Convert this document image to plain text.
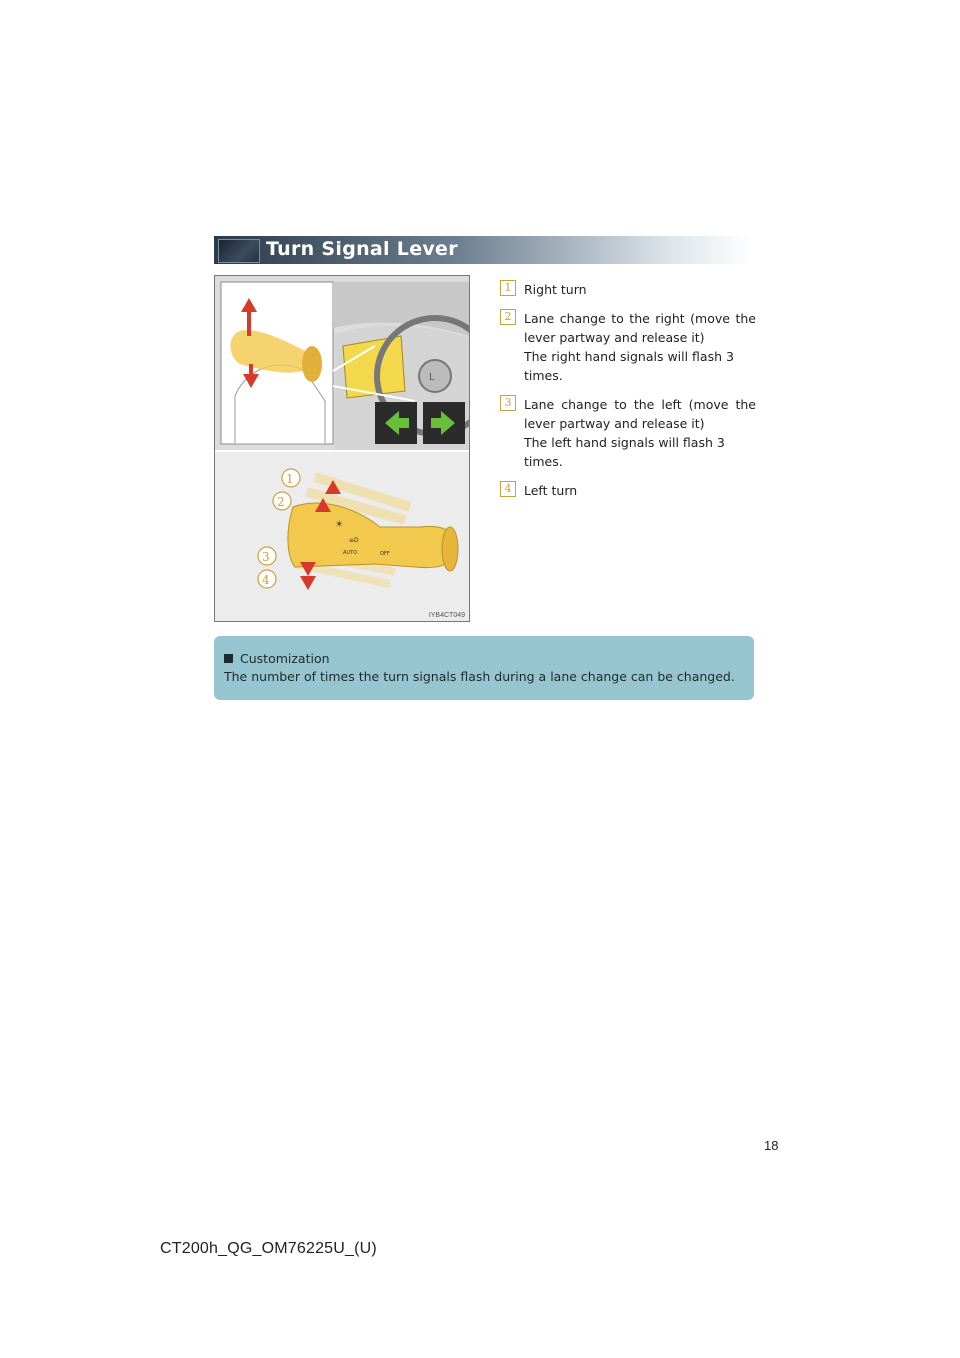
Turn Signal Lever
L
☀
≡D
AUTO	OFF
1
2
3
4
IYB4CT049
1	Right turn
2	Lane change to the right (move the lever partway and release it)
The right hand signals will flash 3 times.
3	Lane change to the left (move the lever partway and release it)
The left hand signals will flash 3 times.
4	Left turn
Customization
The number of times the turn signals flash during a lane change can be changed.
18
CT200h_QG_OM76225U_(U)
